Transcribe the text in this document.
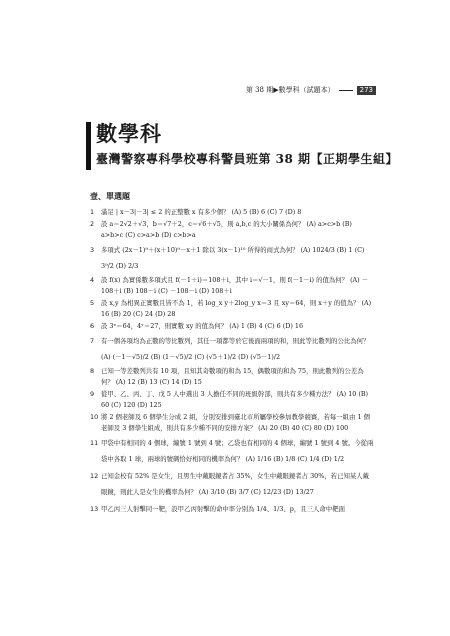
第 38 期▶數學科（試題本）	273
數學科
臺灣警察專科學校專科警員班第 38 期【正期學生組】
壹、單選題
1 滿足 | x－3|－3| ≤ 2 的正整數 x 有多少個？ (A) 5 (B) 6 (C) 7 (D) 8
2 設 a＝2√2＋√3，b＝√7＋2，c＝√6＋√5，則 a,b,c 的大小關係為何？ (A) a>c>b (B) a>b>c (C) c>a>b (D) c>b>a
3 多項式 (2x－1)⁹＋(x＋10)⁹－x＋1 除以 3(x－1)¹⁰ 所得的商式為何？ (A) 1024/3 (B) 1 (C) 3⁹/2 (D) 2/3
4 設 f(x) 為實係數多項式且 f(－1＋i)＝108＋i，其中 i＝√－1，則 f(－1－i) 的值為何？ (A) －108＋i (B) 108－i (C) －108－i (D) 108＋i
5 設 x,y 為相異正實數且皆不為 1，若 log_x y＋2log_y x＝3 且 xy＝64，則 x＋y 的值為？ (A) 16 (B) 20 (C) 24 (D) 28
6 設 3ˣ＝64，4ʸ＝27，則實數 xy 的值為何？ (A) 1 (B) 4 (C) 6 (D) 16
7 有一個各項均為正數的等比數列，其任一項都等於它後面兩項的和，則此等比數列的公比為何？ (A) (－1－√5)/2 (B) (1－√5)/2 (C) (√5＋1)/2 (D) (√5－1)/2
8 已知一等差數列共有 10 項，且知其奇數項的和為 15，偶數項的和為 75，則此數列的公差為何？ (A) 12 (B) 13 (C) 14 (D) 15
9 從甲、乙、丙、丁、戊 5 人中選出 3 人擔任不同的班級幹部，則共有多少種方法？ (A) 10 (B) 60 (C) 120 (D) 125
10 將 2 個老師及 6 個學生分成 2 組，分別安排到臺北市所屬學校參加教學競賽，若每一組由 1 個老師及 3 個學生組成，則共有多少種不同的安排方案？ (A) 20 (B) 40 (C) 80 (D) 100
11 甲袋中有相同的 4 個球，編號 1 號到 4 號；乙袋也有相同的 4 個球，編號 1 號到 4 號。今從兩袋中各取 1 球，兩球的號碼恰好相同的機率為何？ (A) 1/16 (B) 1/8 (C) 1/4 (D) 1/2
12 已知金校有 52% 是女生，且男生中戴眼鏡者占 35%，女生中戴眼鏡者占 30%，若已知某人戴眼鏡，則此人是女生的機率為何？ (A) 3/10 (B) 3/7 (C) 12/23 (D) 13/27
13 甲乙丙三人射擊同一靶，設甲乙丙射擊的命中率分別為 1/4、1/3、p，且三人命中靶面
